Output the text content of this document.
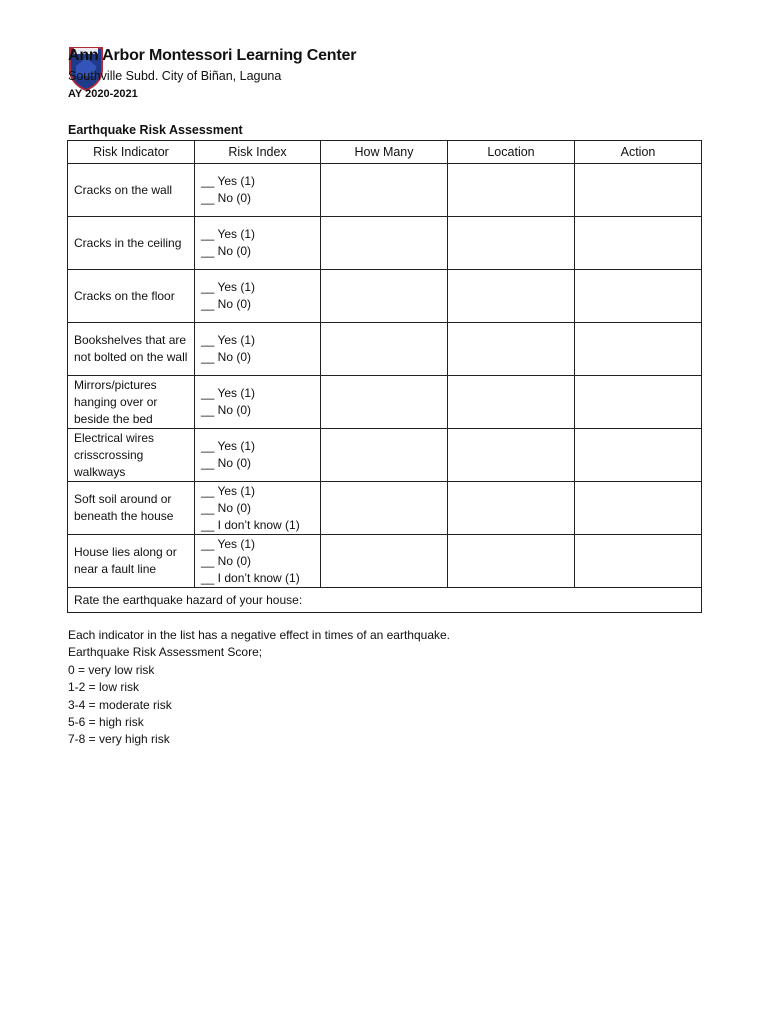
Ann Arbor Montessori Learning Center
Southville Subd. City of Biñan, Laguna
AY 2020-2021
Earthquake Risk Assessment
Risk Indicator	Risk Index	How Many	Location	Action
Cracks on the wall	__ Yes (1)
__ No (0)			

Cracks in the ceiling	__ Yes (1)
__ No (0)			

Cracks on the floor	__ Yes (1)
__ No (0)			

Bookshelves that are not bolted on the wall	__ Yes (1)
__ No (0)			

Mirrors/pictures hanging over or beside the bed	__ Yes (1)
__ No (0)			

Electrical wires crisscrossing walkways	__ Yes (1)
__ No (0)			

Soft soil around or beneath the house	__ Yes (1)
__ No (0)
__ I don’t know (1)			

House lies along or near a fault line	__ Yes (1)
__ No (0)
__ I don’t know (1)			

Rate the earthquake hazard of your house:				
Each indicator in the list has a negative effect in times of an earthquake.
Earthquake Risk Assessment Score;
0 = very low risk
1-2 = low risk
3-4 = moderate risk
5-6 = high risk
7-8 = very high risk
